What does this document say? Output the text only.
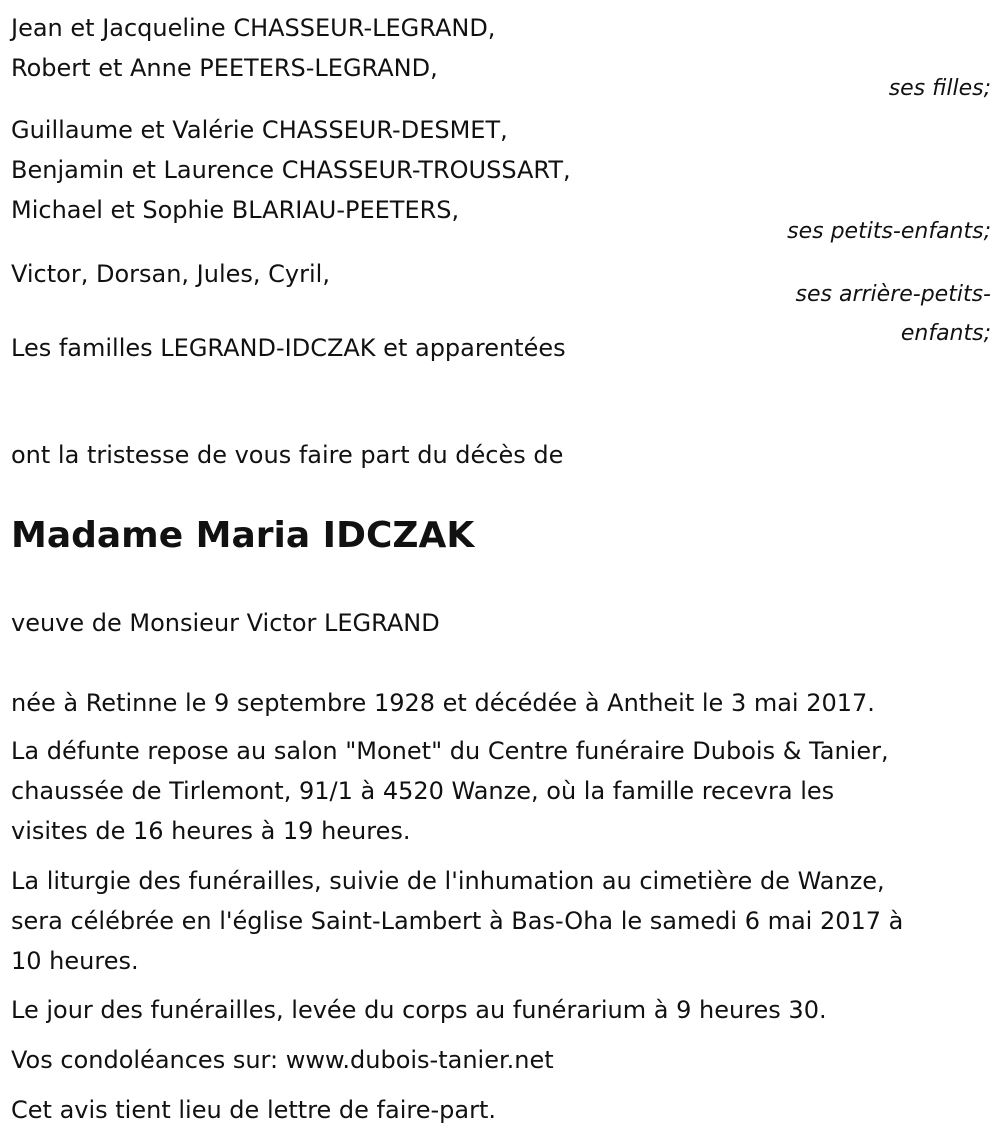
Jean et Jacqueline CHASSEUR-LEGRAND,
Robert et Anne PEETERS-LEGRAND,
ses filles;
Guillaume et Valérie CHASSEUR-DESMET,
Benjamin et Laurence CHASSEUR-TROUSSART,
Michael et Sophie BLARIAU-PEETERS,
ses petits-enfants;
Victor, Dorsan, Jules, Cyril,
ses arrière-petits-
enfants;
Les familles LEGRAND-IDCZAK et apparentées
ont la tristesse de vous faire part du décès de
Madame Maria IDCZAK
veuve de Monsieur Victor LEGRAND
née à Retinne le 9 septembre 1928 et décédée à Antheit le 3 mai 2017.
La défunte repose au salon "Monet" du Centre funéraire Dubois & Tanier,
chaussée de Tirlemont, 91/1 à 4520 Wanze, où la famille recevra les
visites de 16 heures à 19 heures.
La liturgie des funérailles, suivie de l'inhumation au cimetière de Wanze,
sera célébrée en l'église Saint-Lambert à Bas-Oha le samedi 6 mai 2017 à
10 heures.
Le jour des funérailles, levée du corps au funérarium à 9 heures 30.
Vos condoléances sur: www.dubois-tanier.net
Cet avis tient lieu de lettre de faire-part.
